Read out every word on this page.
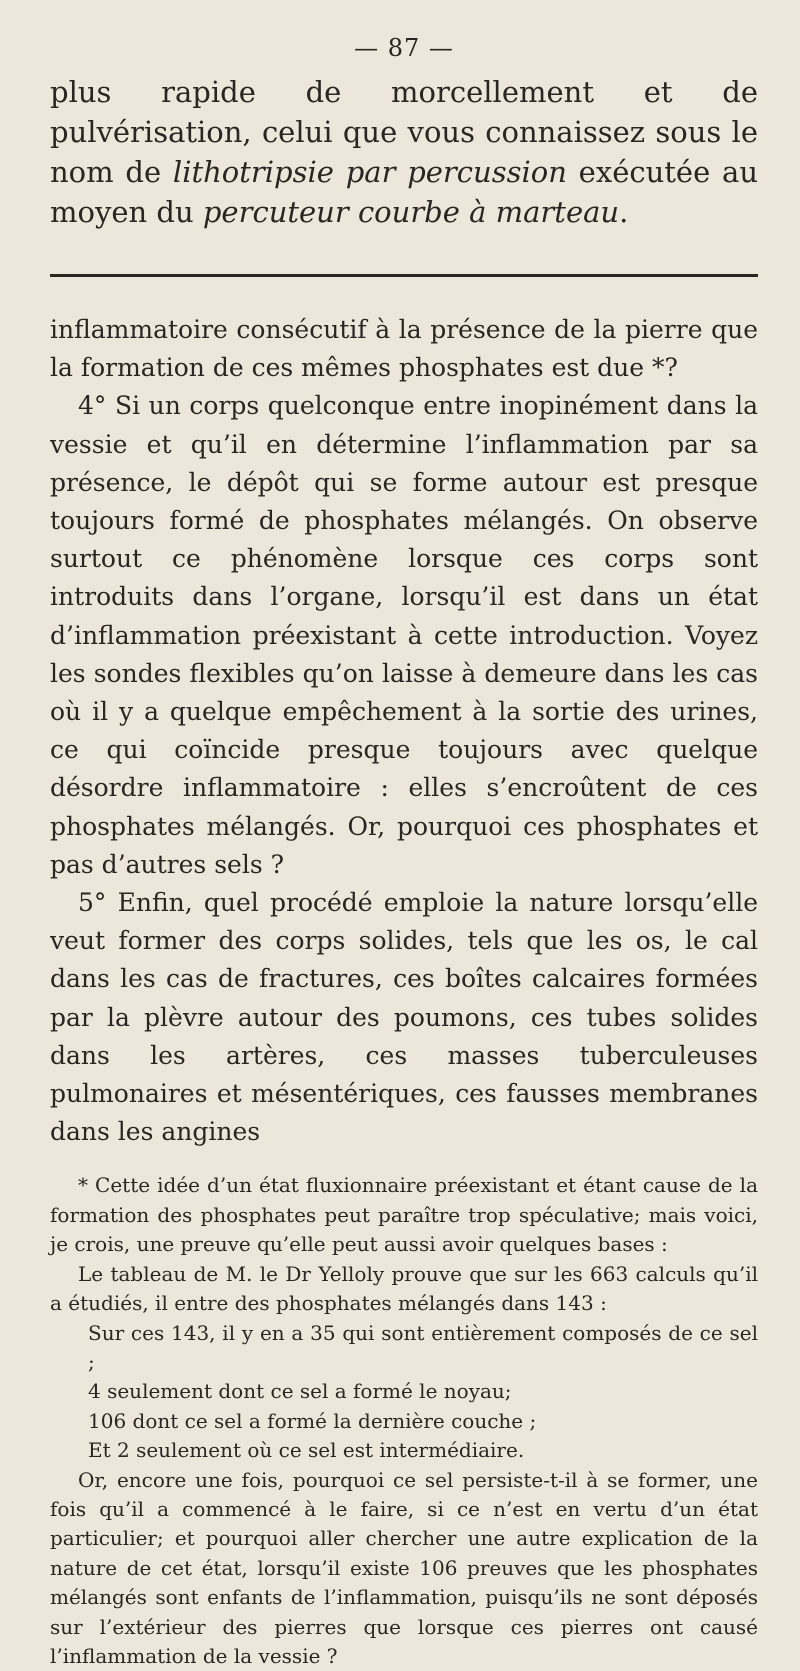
— 87 —

plus rapide de morcellement et de pulvérisation, celui que vous connaissez sous le nom de lithotripsie par percussion exécutée au moyen du percuteur courbe à marteau.

inflammatoire consécutif à la présence de la pierre que la formation de ces mêmes phosphates est due *?

4° Si un corps quelconque entre inopinément dans la vessie et qu’il en détermine l’inflammation par sa présence, le dépôt qui se forme autour est presque toujours formé de phosphates mélangés. On observe surtout ce phénomène lorsque ces corps sont introduits dans l’organe, lorsqu’il est dans un état d’inflammation préexistant à cette introduction. Voyez les sondes flexibles qu’on laisse à demeure dans les cas où il y a quelque empêchement à la sortie des urines, ce qui coïncide presque toujours avec quelque désordre inflammatoire : elles s’encroûtent de ces phosphates mélangés. Or, pourquoi ces phosphates et pas d’autres sels ?

5° Enfin, quel procédé emploie la nature lorsqu’elle veut former des corps solides, tels que les os, le cal dans les cas de fractures, ces boîtes calcaires formées par la plèvre autour des poumons, ces tubes solides dans les artères, ces masses tuberculeuses pulmonaires et mésentériques, ces fausses membranes dans les angines

* Cette idée d’un état fluxionnaire préexistant et étant cause de la formation des phosphates peut paraître trop spéculative; mais voici, je crois, une preuve qu’elle peut aussi avoir quelques bases :

Le tableau de M. le Dr Yelloly prouve que sur les 663 calculs qu’il a étudiés, il entre des phosphates mélangés dans 143 :

Sur ces 143, il y en a 35 qui sont entièrement composés de ce sel ;

4 seulement dont ce sel a formé le noyau;

106 dont ce sel a formé la dernière couche ;

Et 2 seulement où ce sel est intermédiaire.

Or, encore une fois, pourquoi ce sel persiste-t-il à se former, une fois qu’il a commencé à le faire, si ce n’est en vertu d’un état particulier; et pourquoi aller chercher une autre explication de la nature de cet état, lorsqu’il existe 106 preuves que les phosphates mélangés sont enfants de l’inflammation, puisqu’ils ne sont déposés sur l’extérieur des pierres que lorsque ces pierres ont causé l’inflammation de la vessie ?
